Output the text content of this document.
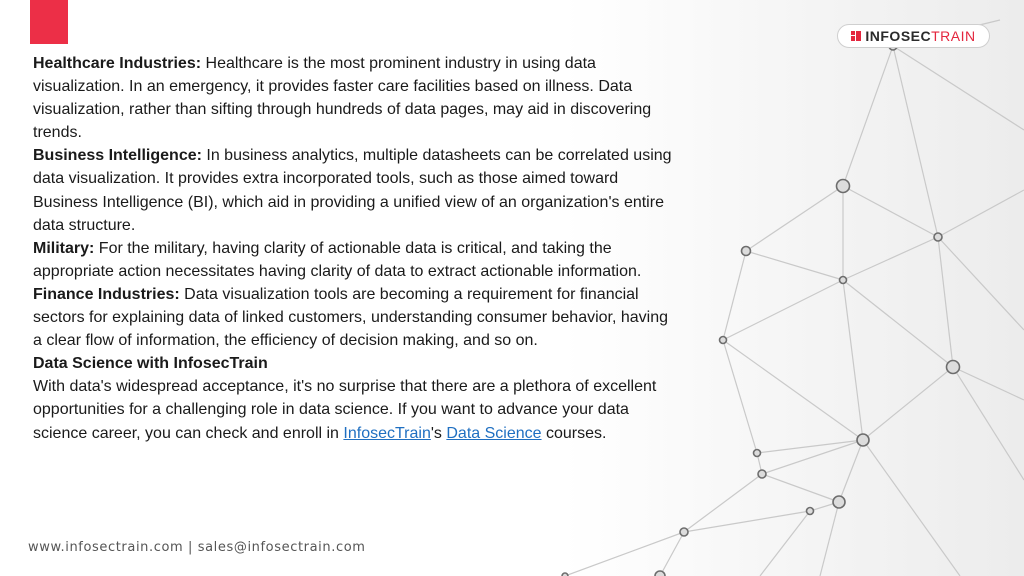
INFOSECTRAIN

Healthcare Industries: Healthcare is the most prominent industry in using data visualization. In an emergency, it provides faster care facilities based on illness. Data visualization, rather than sifting through hundreds of data pages, may aid in discovering trends.

Business Intelligence: In business analytics, multiple datasheets can be correlated using data visualization. It provides extra incorporated tools, such as those aimed toward Business Intelligence (BI), which aid in providing a unified view of an organization's entire data structure.

Military: For the military, having clarity of actionable data is critical, and taking the appropriate action necessitates having clarity of data to extract actionable information.

Finance Industries: Data visualization tools are becoming a requirement for financial sectors for explaining data of linked customers, understanding consumer behavior, having a clear flow of information, the efficiency of decision making, and so on.

Data Science with InfosecTrain

With data's widespread acceptance, it's no surprise that there are a plethora of excellent opportunities for a challenging role in data science. If you want to advance your data science career, you can check and enroll in InfosecTrain's Data Science courses.

www.infosectrain.com | sales@infosectrain.com
